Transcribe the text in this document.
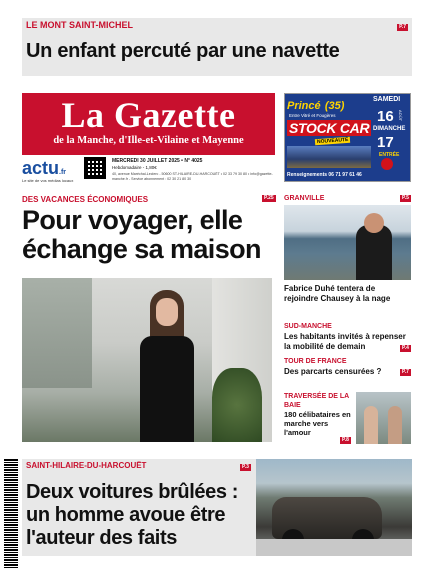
LE MONT SAINT-MICHEL	P.7
Un enfant percuté par une navette
La Gazette
de la Manche, d'Ille-et-Vilaine et Mayenne
actu.fr
Le site de vos médias locaux
MERCREDI 30 JUILLET 2025 • N° 4025
Hebdomadaire - 1,80€
40, avenue Maréchal-Leclerc - 50600 ST-HILAIRE-DU-HARCOUËT • 02 33 79 30 80 • info@gazette-manche.fr - Service abonnement : 02 30 21 80 30
Princé (35)
Entre Vitré et Fougères
STOCK CAR
NOUVEAUTÉ
SAMEDI
16 AOÛT
DIMANCHE
17
ENTRÉE
Renseignements 06 71 97 61 46
DES VACANCES ÉCONOMIQUES	P.25
Pour voyager, elle échange sa maison
GRANVILLE	P.5
Fabrice Duhé tentera de rejoindre Chausey à la nage
SUD-MANCHE
Les habitants invités à repenser la mobilité de demain	P.4
TOUR DE FRANCE
Des parcarts censurées ?	P.7
TRAVERSÉE DE LA BAIE
180 célibataires en marche vers l'amour
P.8
SAINT-HILAIRE-DU-HARCOUËT	P.3
Deux voitures brûlées : un homme avoue être l'auteur des faits
